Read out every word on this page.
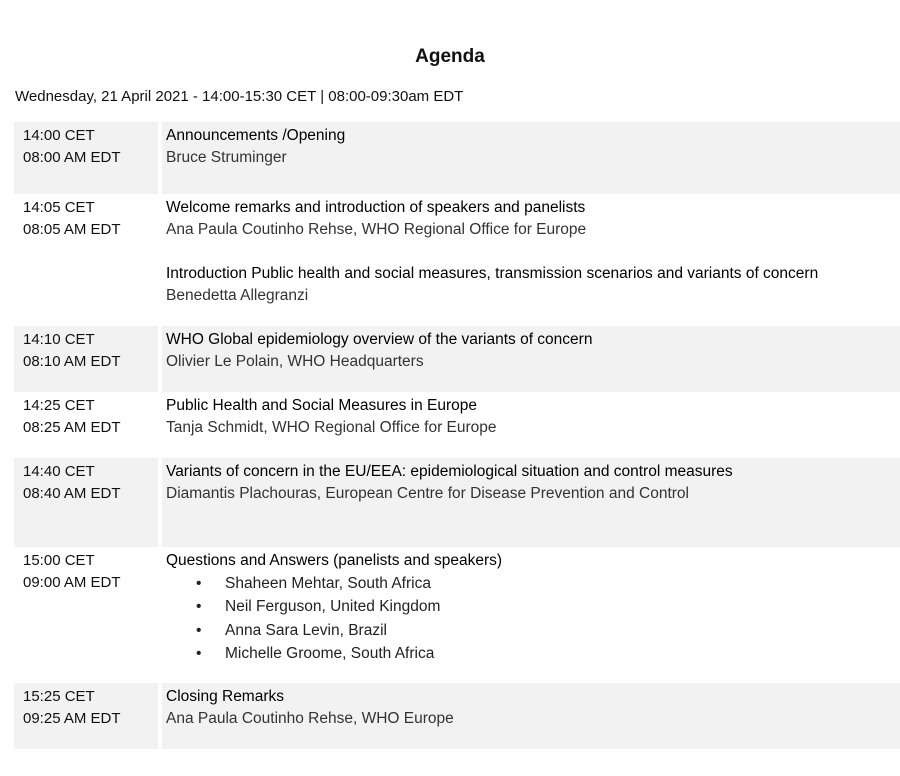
Agenda
Wednesday, 21 April 2021 - 14:00-15:30 CET | 08:00-09:30am EDT
14:00 CET
08:00 AM EDT
Announcements /Opening
Bruce Struminger
14:05 CET
08:05 AM EDT
Welcome remarks and introduction of speakers and panelists
Ana Paula Coutinho Rehse, WHO Regional Office for Europe
Introduction Public health and social measures, transmission scenarios and variants of concern
Benedetta Allegranzi
14:10 CET
08:10 AM EDT
WHO Global epidemiology overview of the variants of concern
Olivier Le Polain, WHO Headquarters
14:25 CET
08:25 AM EDT
Public Health and Social Measures in Europe
Tanja Schmidt, WHO Regional Office for Europe
14:40 CET
08:40 AM EDT
Variants of concern in the EU/EEA: epidemiological situation and control measures
Diamantis Plachouras, European Centre for Disease Prevention and Control
15:00 CET
09:00 AM EDT
Questions and Answers (panelists and speakers)
• Shaheen Mehtar, South Africa
• Neil Ferguson, United Kingdom
• Anna Sara Levin, Brazil
• Michelle Groome, South Africa
15:25 CET
09:25 AM EDT
Closing Remarks
Ana Paula Coutinho Rehse, WHO Europe
